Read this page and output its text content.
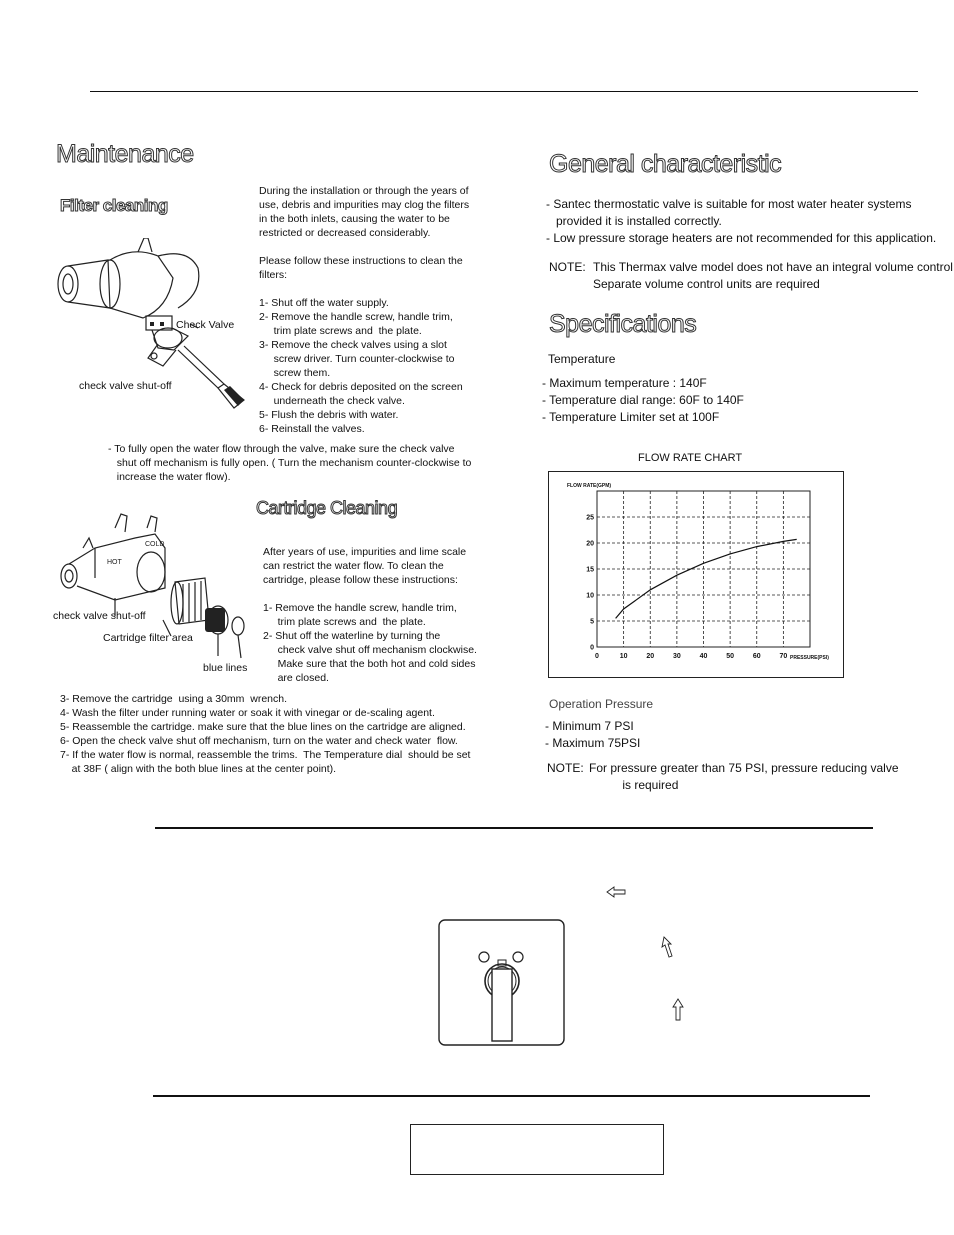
Maintenance
Filter cleaning
During the installation or through the years of
use, debris and impurities may clog the filters
in the both inlets, causing the water to be
restricted or decreased considerably.
Please follow these instructions to clean the
filters:
1- Shut off the water supply.
2- Remove the handle screw, handle trim,
trim plate screws and  the plate.
3- Remove the check valves using a slot
screw driver. Turn counter-clockwise to
screw them.
4- Check for debris deposited on the screen
underneath the check valve.
5- Flush the debris with water.
6- Reinstall the valves.
Check Valve
check valve shut-off
- To fully open the water flow through the valve, make sure the check valve
shut off mechanism is fully open. ( Turn the mechanism counter-clockwise to
increase the water flow).
Cartridge Cleaning
HOT
COLD
After years of use, impurities and lime scale
can restrict the water flow. To clean the
cartridge, please follow these instructions:
1- Remove the handle screw, handle trim,
trim plate screws and  the plate.
2- Shut off the waterline by turning the
check valve shut off mechanism clockwise.
Make sure that the both hot and cold sides
are closed.
check valve shut-off
Cartridge filter area
blue lines
3- Remove the cartridge  using a 30mm  wrench.
4- Wash the filter under running water or soak it with vinegar or de-scaling agent.
5- Reassemble the cartridge. make sure that the blue lines on the cartridge are aligned.
6- Open the check valve shut off mechanism, turn on the water and check water  flow.
7- If the water flow is normal, reassemble the trims.  The Temperature dial  should be set
at 38F ( align with the both blue lines at the center point).
General characteristic
- Santec thermostatic valve is suitable for most water heater systems
provided it is installed correctly.
- Low pressure storage heaters are not recommended for this application.
NOTE: This Thermax valve model does not have an integral volume control
Separate volume control units are required
Specifications
Temperature
- Maximum temperature : 140F
- Temperature dial range: 60F to 140F
- Temperature Limiter set at 100F
FLOW RATE CHART
0	10	20	30	40	50	60	70
0
5
10
15
20
25
FLOW RATE(GPM)
PRESSURE(PSI)
Operation Pressure
- Minimum 7 PSI
- Maximum 75PSI
NOTE: For pressure greater than 75 PSI, pressure reducing valve
is required
